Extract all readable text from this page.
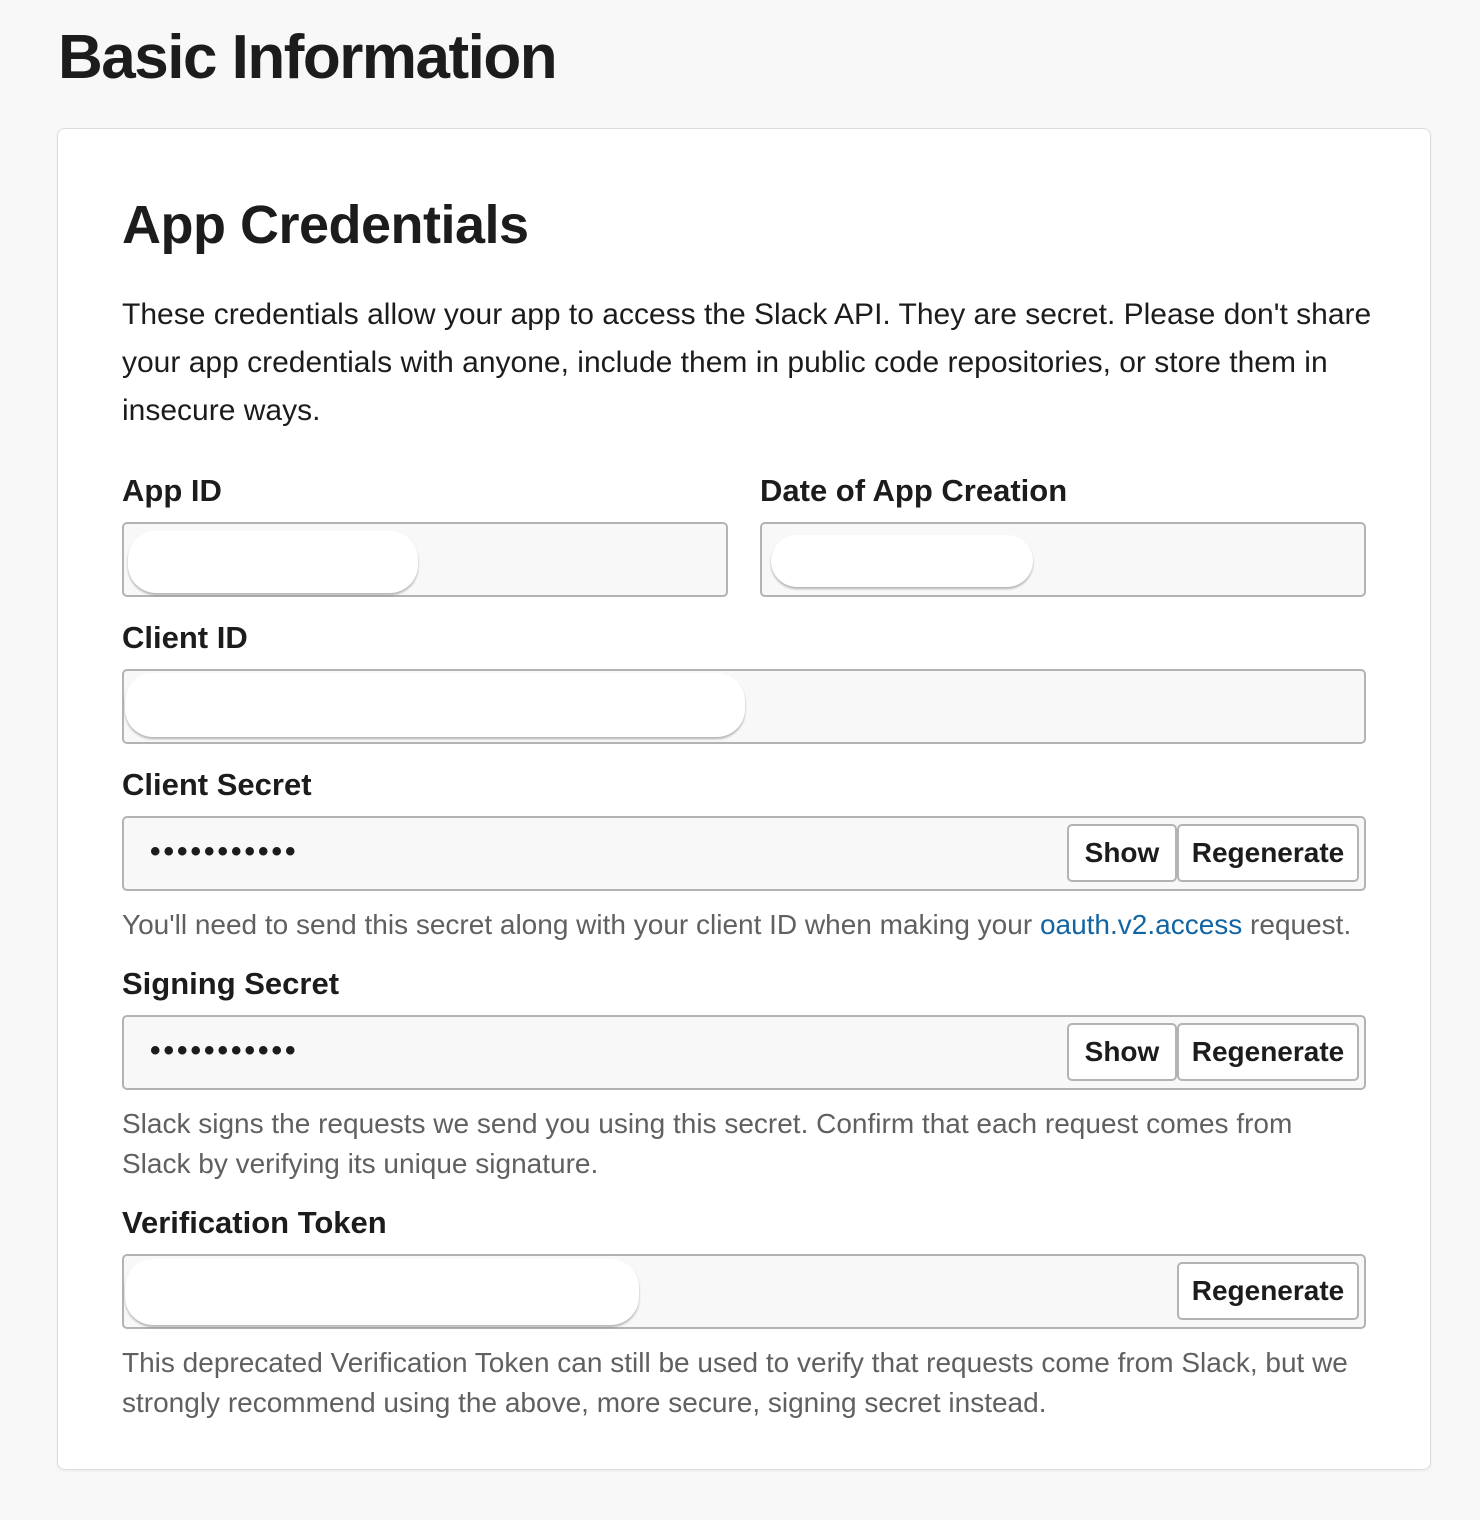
Basic Information
App Credentials

These credentials allow your app to access the Slack API. They are secret. Please don't share your app credentials with anyone, include them in public code repositories, or store them in insecure ways.

App ID	Date of App Creation
Client ID
Client Secret
•••••••••••	Show	Regenerate

You'll need to send this secret along with your client ID when making your oauth.v2.access request.

Signing Secret
•••••••••••	Show	Regenerate

Slack signs the requests we send you using this secret. Confirm that each request comes from Slack by verifying its unique signature.

Verification Token
Regenerate

This deprecated Verification Token can still be used to verify that requests come from Slack, but we strongly recommend using the above, more secure, signing secret instead.
